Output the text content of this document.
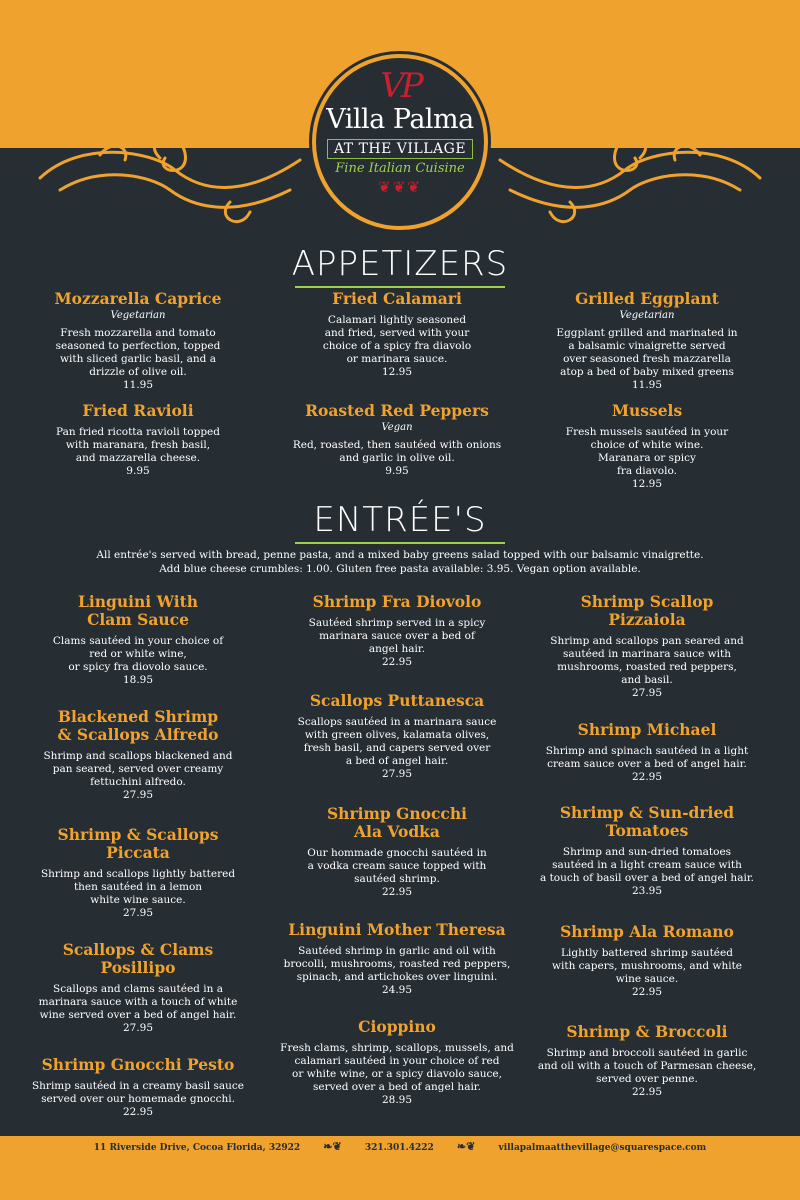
VP
Villa Palma
AT THE VILLAGE
Fine Italian Cuisine
❦❦❦
APPETIZERS
Mozzarella Caprice
Vegetarian
Fresh mozzarella and tomato
seasoned to perfection, topped
with sliced garlic basil, and a
drizzle of olive oil.
11.95
Fried Calamari
Calamari lightly seasoned
and fried, served with your
choice of a spicy fra diavolo
or marinara sauce.
12.95
Grilled Eggplant
Vegetarian
Eggplant grilled and marinated in
a balsamic vinaigrette served
over seasoned fresh mazzarella
atop a bed of baby mixed greens
11.95
Fried Ravioli
Pan fried ricotta ravioli topped
with maranara, fresh basil,
and mazzarella cheese.
9.95
Roasted Red Peppers
Vegan
Red, roasted, then sautéed with onions
and garlic in olive oil.
9.95
Mussels
Fresh mussels sautéed in your
choice of white wine.
Maranara or spicy
fra diavolo.
12.95
ENTRÉE'S
All entrée's served with bread, penne pasta, and a mixed baby greens salad topped with our balsamic vinaigrette.
Add blue cheese crumbles: 1.00. Gluten free pasta available: 3.95. Vegan option available.
Linguini With
Clam Sauce
Clams sautéed in your choice of
red or white wine,
or spicy fra diovolo sauce.
18.95
Blackened Shrimp
& Scallops Alfredo
Shrimp and scallops blackened and
pan seared, served over creamy
fettuchini alfredo.
27.95
Shrimp & Scallops
Piccata
Shrimp and scallops lightly battered
then sautéed in a lemon
white wine sauce.
27.95
Scallops & Clams
Posillipo
Scallops and clams sautéed in a
marinara sauce with a touch of white
wine served over a bed of angel hair.
27.95
Shrimp Gnocchi Pesto
Shrimp sautéed in a creamy basil sauce
served over our homemade gnocchi.
22.95
Shrimp Fra Diovolo
Sautéed shrimp served in a spicy
marinara sauce over a bed of
angel hair.
22.95
Scallops Puttanesca
Scallops sautéed in a marinara sauce
with green olives, kalamata olives,
fresh basil, and capers served over
a bed of angel hair.
27.95
Shrimp Gnocchi
Ala Vodka
Our hommade gnocchi sautéed in
a vodka cream sauce topped with
sautéed shrimp.
22.95
Linguini Mother Theresa
Sautéed shrimp in garlic and oil with
brocolli, mushrooms, roasted red peppers,
spinach, and artichokes over linguini.
24.95
Cioppino
Fresh clams, shrimp, scallops, mussels, and
calamari sautéed in your choice of red
or white wine, or a spicy diavolo sauce,
served over a bed of angel hair.
28.95
Shrimp Scallop
Pizzaiola
Shrimp and scallops pan seared and
sautéed in marinara sauce with
mushrooms, roasted red peppers,
and basil.
27.95
Shrimp Michael
Shrimp and spinach sautéed in a light
cream sauce over a bed of angel hair.
22.95
Shrimp & Sun-dried
Tomatoes
Shrimp and sun-dried tomatoes
sautéed in a light cream sauce with
a touch of basil over a bed of angel hair.
23.95
Shrimp Ala Romano
Lightly battered shrimp sautéed
with capers, mushrooms, and white
wine sauce.
22.95
Shrimp & Broccoli
Shrimp and broccoli sautéed in garlic
and oil with a touch of Parmesan cheese,
served over penne.
22.95
11 Riverside Drive, Cocoa Florida, 32922 ❧❦	321.301.4222 ❧❦	villapalmaatthevillage@squarespace.com
